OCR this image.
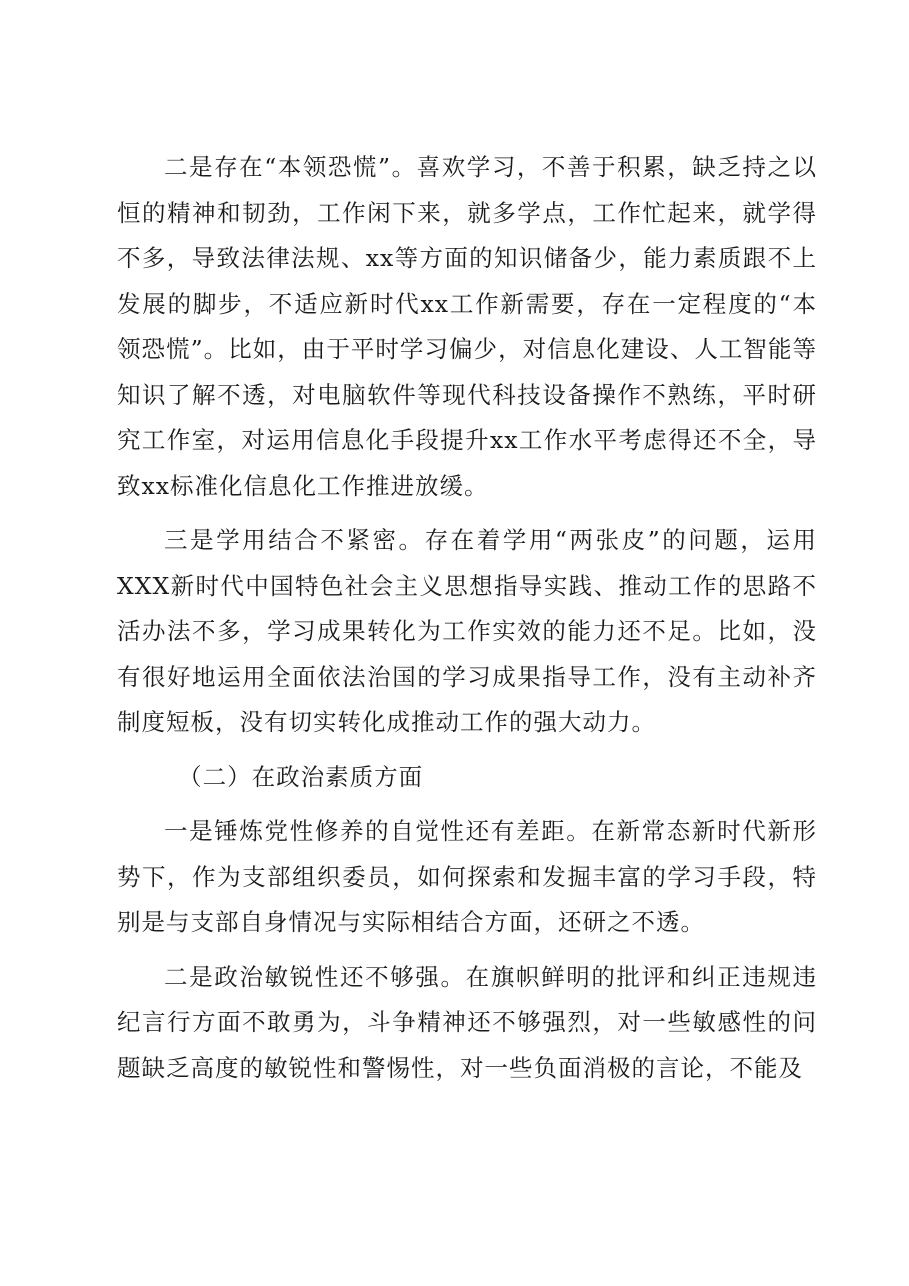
二是存在“本领恐慌”。喜欢学习，不善于积累，缺乏持之以恒的精神和韧劲，工作闲下来，就多学点，工作忙起来，就学得不多，导致法律法规、xx等方面的知识储备少，能力素质跟不上发展的脚步，不适应新时代xx工作新需要，存在一定程度的“本领恐慌”。比如，由于平时学习偏少，对信息化建设、人工智能等知识了解不透，对电脑软件等现代科技设备操作不熟练，平时研究工作室，对运用信息化手段提升xx工作水平考虑得还不全，导致xx标准化信息化工作推进放缓。

三是学用结合不紧密。存在着学用“两张皮”的问题，运用XXX新时代中国特色社会主义思想指导实践、推动工作的思路不活办法不多，学习成果转化为工作实效的能力还不足。比如，没有很好地运用全面依法治国的学习成果指导工作，没有主动补齐制度短板，没有切实转化成推动工作的强大动力。

（二）在政治素质方面

一是锤炼党性修养的自觉性还有差距。在新常态新时代新形势下，作为支部组织委员，如何探索和发掘丰富的学习手段，特别是与支部自身情况与实际相结合方面，还研之不透。

二是政治敏锐性还不够强。在旗帜鲜明的批评和纠正违规违纪言行方面不敢勇为，斗争精神还不够强烈，对一些敏感性的问题缺乏高度的敏锐性和警惕性，对一些负面消极的言论，不能及
